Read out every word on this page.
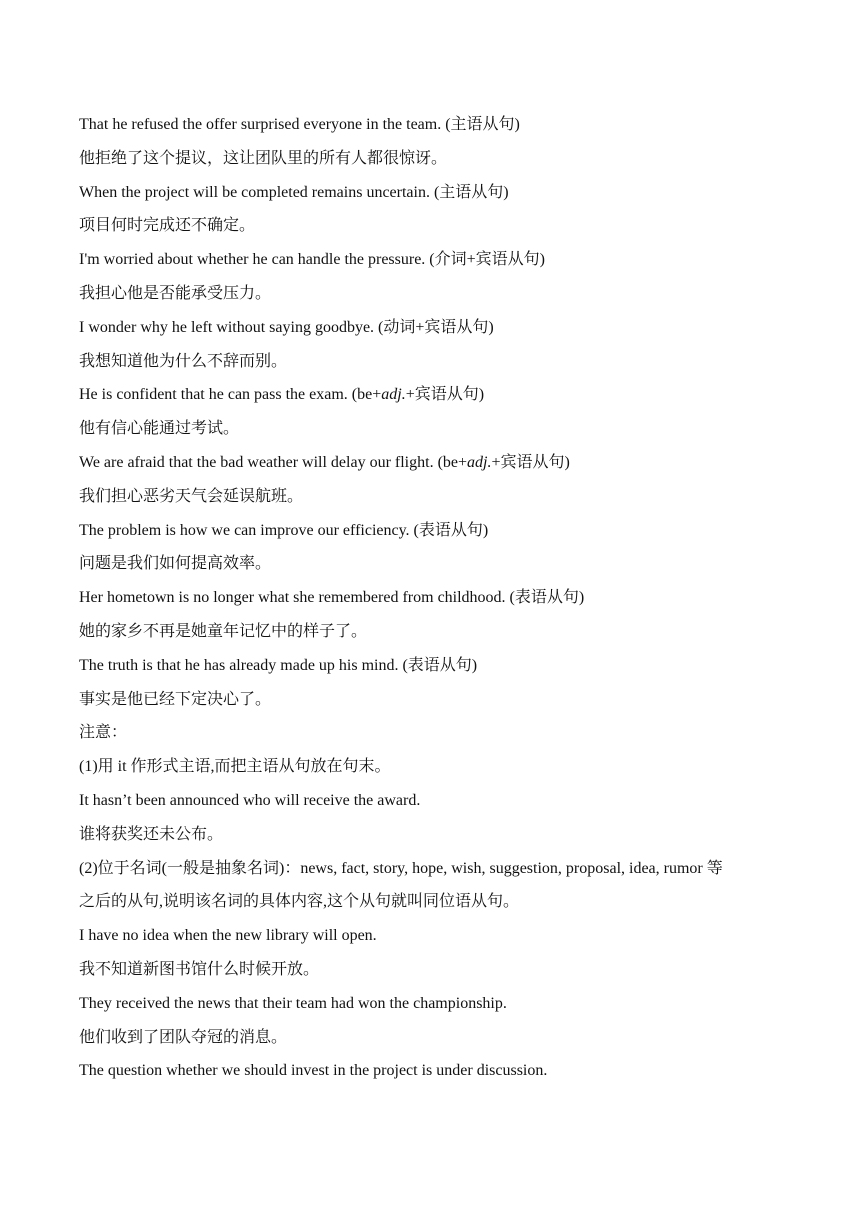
That he refused the offer surprised everyone in the team. (主语从句)

他拒绝了这个提议，这让团队里的所有人都很惊讶。

When the project will be completed remains uncertain. (主语从句)

项目何时完成还不确定。

I'm worried about whether he can handle the pressure. (介词+宾语从句)

我担心他是否能承受压力。

I wonder why he left without saying goodbye. (动词+宾语从句)

我想知道他为什么不辞而别。

He is confident that he can pass the exam. (be+adj.+宾语从句)

他有信心能通过考试。

We are afraid that the bad weather will delay our flight. (be+adj.+宾语从句)

我们担心恶劣天气会延误航班。

The problem is how we can improve our efficiency. (表语从句)

问题是我们如何提高效率。

Her hometown is no longer what she remembered from childhood. (表语从句)

她的家乡不再是她童年记忆中的样子了。

The truth is that he has already made up his mind. (表语从句)

事实是他已经下定决心了。

注意：

(1)用 it 作形式主语,而把主语从句放在句末。

It hasn’t been announced who will receive the award.

谁将获奖还未公布。

(2)位于名词(一般是抽象名词)：news, fact, story, hope, wish, suggestion, proposal, idea, rumor 等

之后的从句,说明该名词的具体内容,这个从句就叫同位语从句。

I have no idea when the new library will open.

我不知道新图书馆什么时候开放。

They received the news that their team had won the championship.

他们收到了团队夺冠的消息。

The question whether we should invest in the project is under discussion.
